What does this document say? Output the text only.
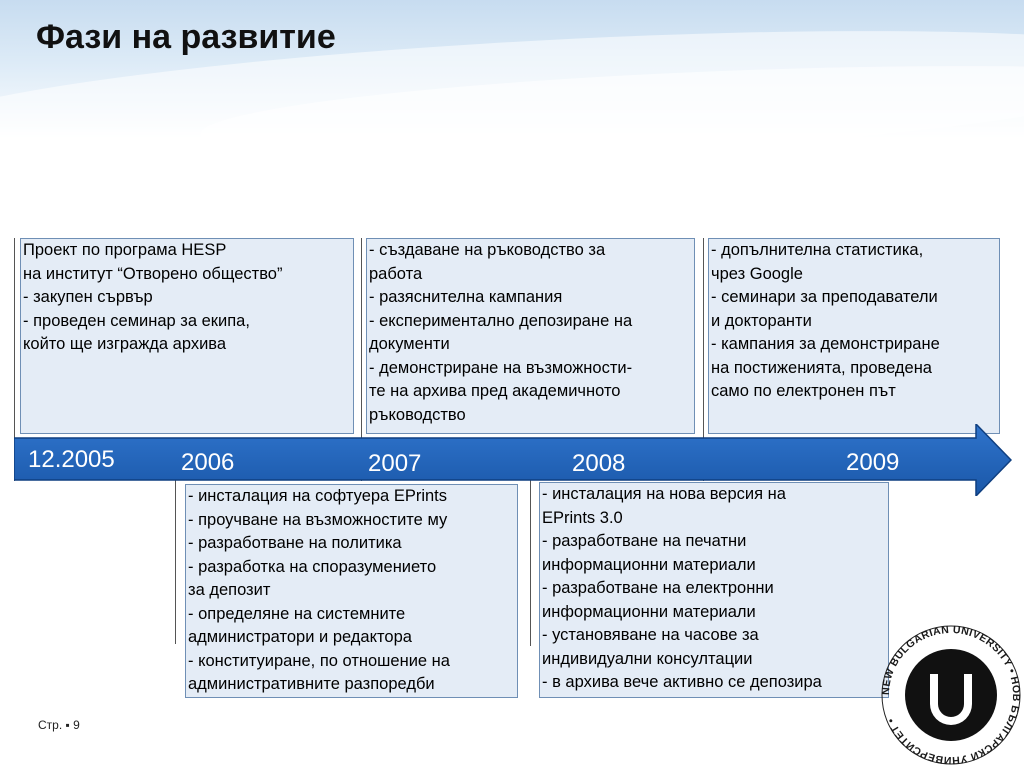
Фази на развитие
Проект по програма HESP
на институт “Отворено общество”
- закупен сървър
- проведен семинар за екипа,
който ще изгражда архива
- създаване на ръководство за
работа
- разяснителна кампания
- експериментално депозиране на
документи
- демонстриране на възможности-
те на архива пред академичното
ръководство
- допълнителна статистика,
чрез Google
- семинари за преподаватели
и докторанти
- кампания за демонстриране
на постиженията, проведена
само по електронен път
12.2005	2006	2007	2008	2009
- инсталация на софтуера EPrints
- проучване на възможностите му
- разработване на политика
- разработка на споразумението
за депозит
- определяне на системните
администратори и редактора
- конституиране, по отношение на
административните разпоредби
- инсталация на нова версия на
EPrints 3.0
- разработване на печатни
информационни материали
- разработване на електронни
информационни материали
- установяване на часове за
индивидуални консултации
- в архива вече активно се депозира
Стр. ▪ 9
NEW BULGARIAN UNIVERSITY • НОВ БЪЛГАРСКИ УНИВЕРСИТЕТ •
